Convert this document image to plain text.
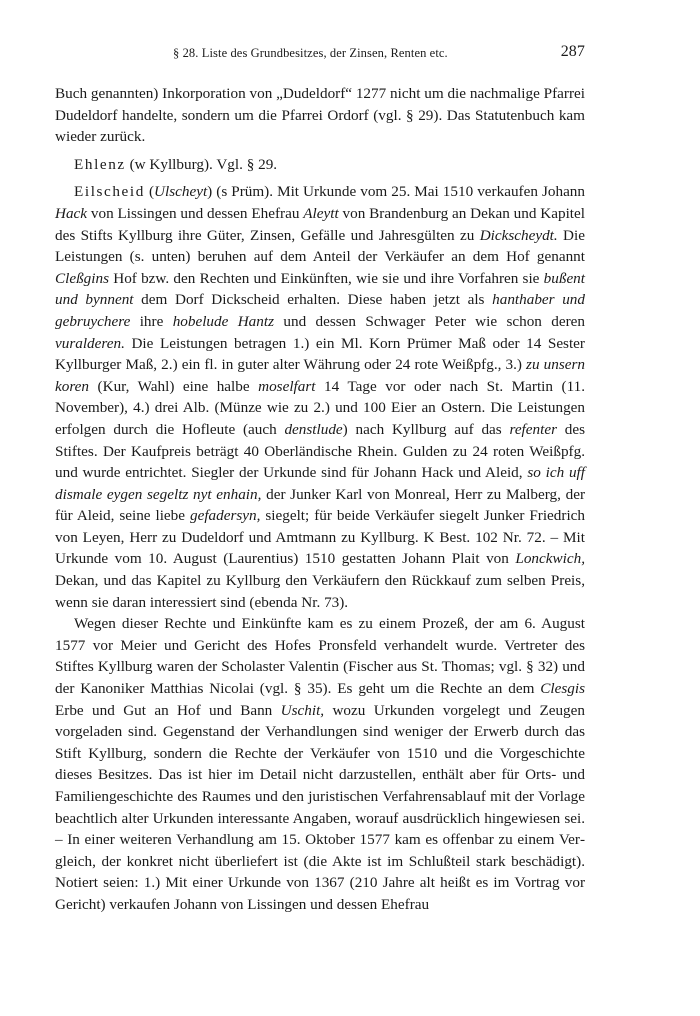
§ 28. Liste des Grundbesitzes, der Zinsen, Renten etc.	287

Buch genannten) Inkorporation von „Dudeldorf“ 1277 nicht um die nachmalige Pfarrei Dudeldorf handelte, sondern um die Pfarrei Ordorf (vgl. § 29). Das Statutenbuch kam wieder zurück.

Ehlenz (w Kyllburg). Vgl. § 29.

Eilscheid (Ulscheyt) (s Prüm). Mit Urkunde vom 25. Mai 1510 verkaufen Johann Hack von Lissingen und dessen Ehefrau Aleytt von Brandenburg an Dekan und Kapitel des Stifts Kyllburg ihre Güter, Zinsen, Gefälle und Jahresgülten zu Dickscheydt. Die Leistungen (s. unten) beruhen auf dem Anteil der Verkäufer an dem Hof genannt Cleßgins Hof bzw. den Rechten und Einkünften, wie sie und ihre Vorfahren sie bußent und bynnent dem Dorf Dickscheid erhalten. Diese haben jetzt als hanthaber und gebruychere ihre hobelude Hantz und dessen Schwager Peter wie schon deren vuralderen. Die Leistungen betragen 1.) ein Ml. Korn Prümer Maß oder 14 Sester Kyllburger Maß, 2.) ein fl. in guter alter Währung oder 24 rote Weißpfg., 3.) zu unsern koren (Kur, Wahl) eine halbe moselfart 14 Tage vor oder nach St. Martin (11. November), 4.) drei Alb. (Münze wie zu 2.) und 100 Eier an Ostern. Die Leistungen erfolgen durch die Hofleute (auch denstlude) nach Kyllburg auf das refenter des Stiftes. Der Kaufpreis beträgt 40 Oberländische Rhein. Gulden zu 24 roten Weißpfg. und wurde entrichtet. Siegler der Urkunde sind für Johann Hack und Aleid, so ich uff dismale eygen segeltz nyt enhain, der Junker Karl von Monreal, Herr zu Malberg, der für Aleid, seine liebe gefadersyn, siegelt; für beide Verkäufer siegelt Junker Friedrich von Leyen, Herr zu Dudeldorf und Amtmann zu Kyllburg. K Best. 102 Nr. 72. – Mit Urkunde vom 10. August (Laurentius) 1510 gestatten Johann Plait von Lonckwich, Dekan, und das Kapitel zu Kyllburg den Verkäufern den Rückkauf zum selben Preis, wenn sie daran interessiert sind (ebenda Nr. 73).

Wegen dieser Rechte und Einkünfte kam es zu einem Prozeß, der am 6. August 1577 vor Meier und Gericht des Hofes Pronsfeld verhandelt wurde. Vertreter des Stiftes Kyllburg waren der Scholaster Valentin (Fischer aus St. Thomas; vgl. § 32) und der Kanoniker Matthias Nicolai (vgl. § 35). Es geht um die Rechte an dem Clesgis Erbe und Gut an Hof und Bann Uschit, wozu Urkunden vorgelegt und Zeugen vorgeladen sind. Gegenstand der Verhandlungen sind weniger der Erwerb durch das Stift Kyllburg, sondern die Rechte der Verkäufer von 1510 und die Vorgeschichte dieses Besitzes. Das ist hier im Detail nicht darzustellen, enthält aber für Orts- und Familiengeschichte des Raumes und den juristischen Verfahrensablauf mit der Vorlage beachtlich alter Urkunden interessante Angaben, worauf ausdrücklich hingewiesen sei. – In einer weiteren Verhandlung am 15. Oktober 1577 kam es offenbar zu einem Vergleich, der konkret nicht überliefert ist (die Akte ist im Schlußteil stark beschädigt). Notiert seien: 1.) Mit einer Urkunde von 1367 (210 Jahre alt heißt es im Vortrag vor Gericht) verkaufen Johann von Lissingen und dessen Ehefrau
